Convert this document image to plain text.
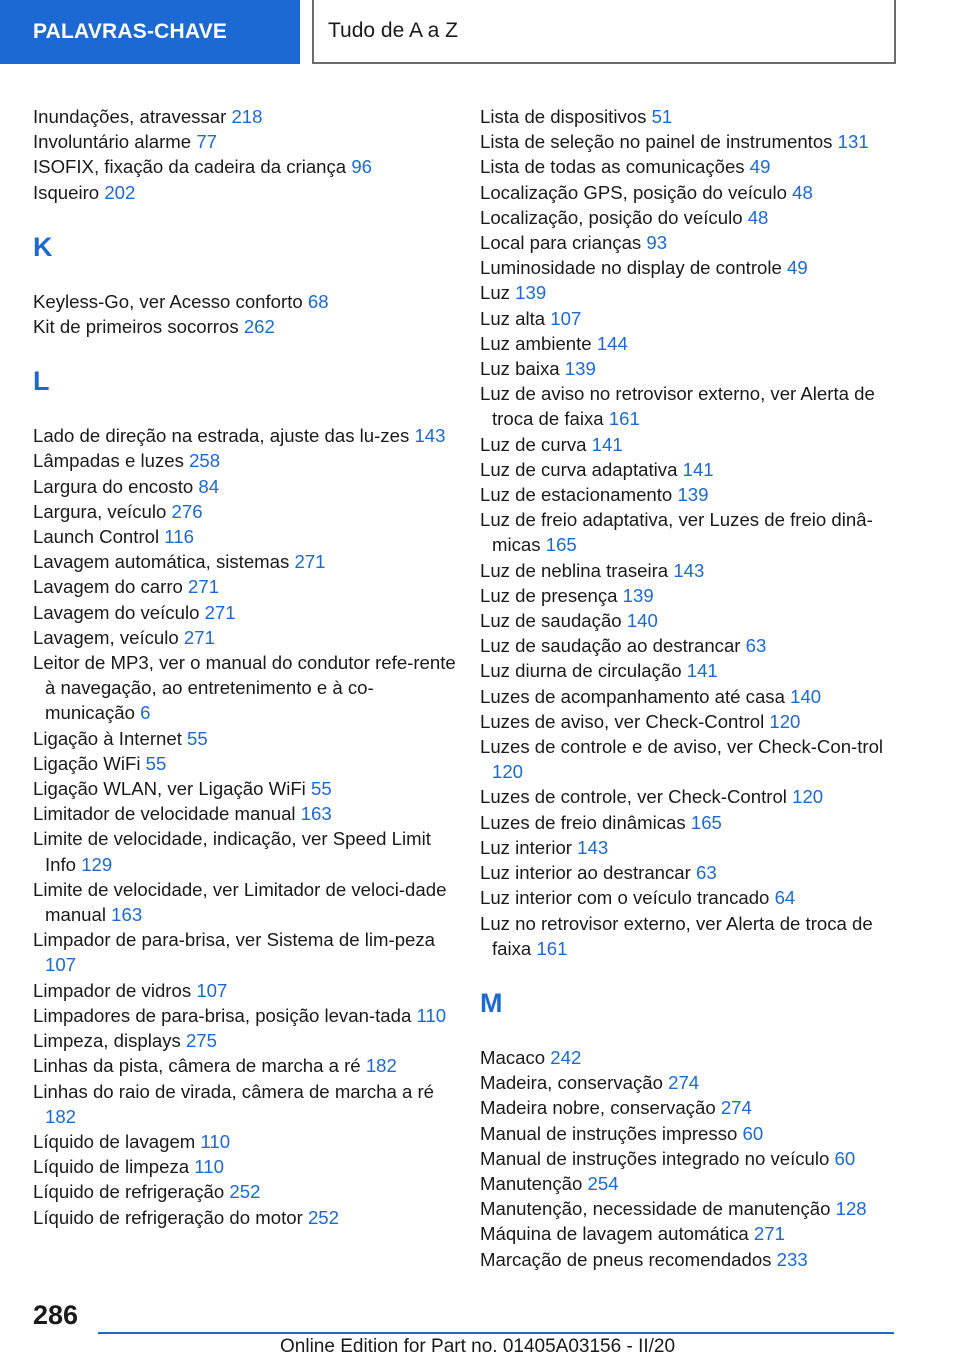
PALAVRAS-CHAVE	Tudo de A a Z
Inundações, atravessar 218
Involuntário alarme 77
ISOFIX, fixação da cadeira da criança 96
Isqueiro 202
K
Keyless-Go, ver Acesso conforto 68
Kit de primeiros socorros 262
L
Lado de direção na estrada, ajuste das lu-zes 143
Lâmpadas e luzes 258
Largura do encosto 84
Largura, veículo 276
Launch Control 116
Lavagem automática, sistemas 271
Lavagem do carro 271
Lavagem do veículo 271
Lavagem, veículo 271
Leitor de MP3, ver o manual do condutor refe-rente à navegação, ao entretenimento e à co-municação 6
Ligação à Internet 55
Ligação WiFi 55
Ligação WLAN, ver Ligação WiFi 55
Limitador de velocidade manual 163
Limite de velocidade, indicação, ver Speed Limit Info 129
Limite de velocidade, ver Limitador de veloci-dade manual 163
Limpador de para-brisa, ver Sistema de lim-peza 107
Limpador de vidros 107
Limpadores de para-brisa, posição levan-tada 110
Limpeza, displays 275
Linhas da pista, câmera de marcha a ré 182
Linhas do raio de virada, câmera de marcha a ré 182
Líquido de lavagem 110
Líquido de limpeza 110
Líquido de refrigeração 252
Líquido de refrigeração do motor 252
Lista de dispositivos 51
Lista de seleção no painel de instrumentos 131
Lista de todas as comunicações 49
Localização GPS, posição do veículo 48
Localização, posição do veículo 48
Local para crianças 93
Luminosidade no display de controle 49
Luz 139
Luz alta 107
Luz ambiente 144
Luz baixa 139
Luz de aviso no retrovisor externo, ver Alerta de troca de faixa 161
Luz de curva 141
Luz de curva adaptativa 141
Luz de estacionamento 139
Luz de freio adaptativa, ver Luzes de freio dinâ-micas 165
Luz de neblina traseira 143
Luz de presença 139
Luz de saudação 140
Luz de saudação ao destrancar 63
Luz diurna de circulação 141
Luzes de acompanhamento até casa 140
Luzes de aviso, ver Check-Control 120
Luzes de controle e de aviso, ver Check-Con-trol 120
Luzes de controle, ver Check-Control 120
Luzes de freio dinâmicas 165
Luz interior 143
Luz interior ao destrancar 63
Luz interior com o veículo trancado 64
Luz no retrovisor externo, ver Alerta de troca de faixa 161
M
Macaco 242
Madeira, conservação 274
Madeira nobre, conservação 274
Manual de instruções impresso 60
Manual de instruções integrado no veículo 60
Manutenção 254
Manutenção, necessidade de manutenção 128
Máquina de lavagem automática 271
Marcação de pneus recomendados 233
286
Online Edition for Part no. 01405A03156 - II/20
